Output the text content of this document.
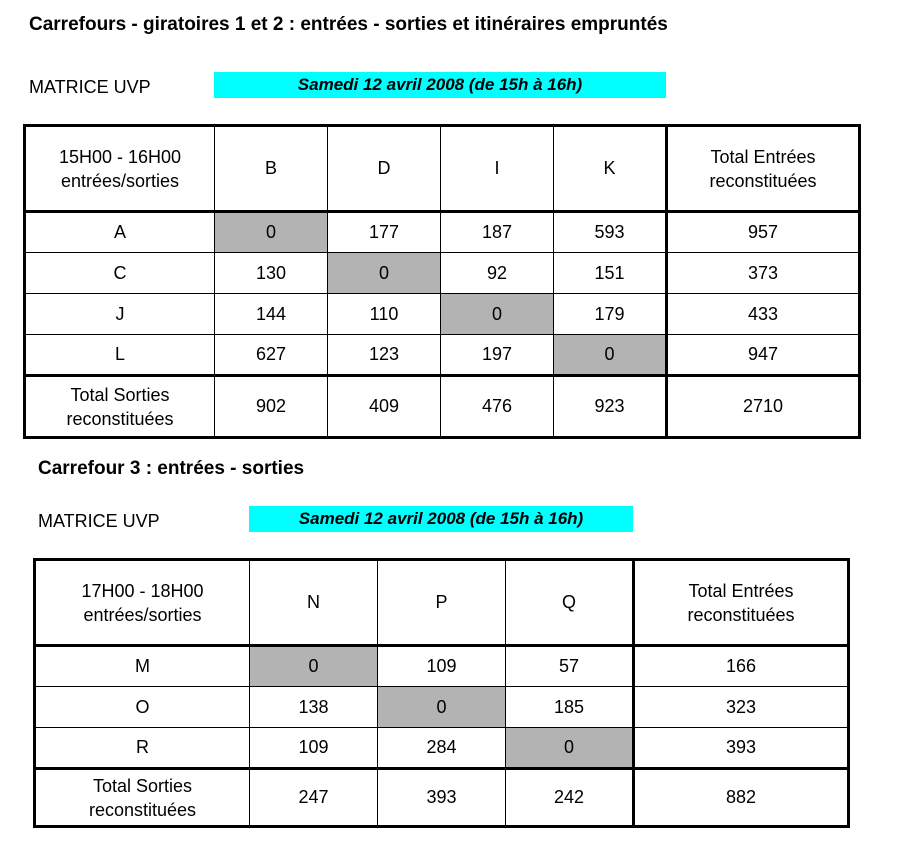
Carrefours - giratoires 1 et 2 : entrées - sorties et itinéraires empruntés
MATRICE UVP	Samedi 12 avril 2008 (de 15h à 16h)
15H00 - 16H00
entrées/sorties	B	D	I	K	Total Entrées
reconstituées
A	0	177	187	593	957
C	130	0	92	151	373
J	144	110	0	179	433
L	627	123	197	0	947
Total Sorties
reconstituées	902	409	476	923	2710
Carrefour 3 : entrées - sorties
MATRICE UVP	Samedi 12 avril 2008 (de 15h à 16h)
17H00 - 18H00
entrées/sorties	N	P	Q	Total Entrées
reconstituées
M	0	109	57	166
O	138	0	185	323
R	109	284	0	393
Total Sorties
reconstituées	247	393	242	882
